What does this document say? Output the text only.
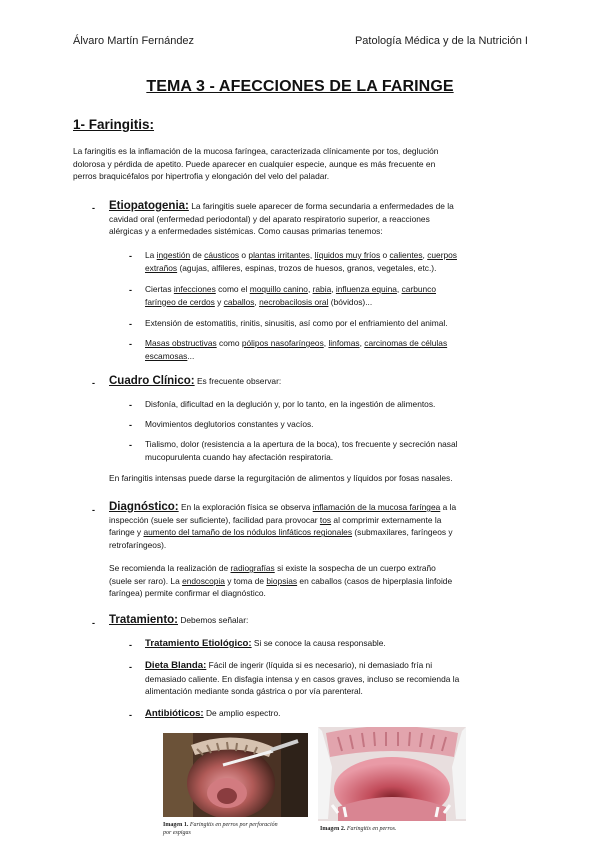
Álvaro Martín Fernández	Patología Médica y de la Nutrición I
TEMA 3 - AFECCIONES DE LA FARINGE
1- Faringitis:
La faringitis es la inflamación de la mucosa faríngea, caracterizada clínicamente por tos, deglución
dolorosa y pérdida de apetito. Puede aparecer en cualquier especie, aunque es más frecuente en
perros braquicéfalos por hipertrofia y elongación del velo del paladar.
- Etiopatogenia: La faringitis suele aparecer de forma secundaria a enfermedades de la
cavidad oral (enfermedad periodontal) y del aparato respiratorio superior, a reacciones
alérgicas y a enfermedades sistémicas. Como causas primarias tenemos:
- La ingestión de cáusticos o plantas irritantes, líquidos muy fríos o calientes, cuerpos
extraños (agujas, alfileres, espinas, trozos de huesos, granos, vegetales, etc.).
- Ciertas infecciones como el moquillo canino, rabia, influenza equina, carbunco
faríngeo de cerdos y caballos, necrobacilosis oral (bóvidos)...
- Extensión de estomatitis, rinitis, sinusitis, así como por el enfriamiento del animal.
- Masas obstructivas como pólipos nasofaríngeos, linfomas, carcinomas de células
escamosas...
- Cuadro Clínico: Es frecuente observar:
- Disfonía, dificultad en la deglución y, por lo tanto, en la ingestión de alimentos.
- Movimientos deglutorios constantes y vacíos.
- Tialismo, dolor (resistencia a la apertura de la boca), tos frecuente y secreción nasal
mucopurulenta cuando hay afectación respiratoria.
En faringitis intensas puede darse la regurgitación de alimentos y líquidos por fosas nasales.
- Diagnóstico: En la exploración física se observa inflamación de la mucosa faríngea a la
inspección (suele ser suficiente), facilidad para provocar tos al comprimir externamente la
faringe y aumento del tamaño de los nódulos linfáticos regionales (submaxilares, faríngeos y
retrofaríngeos).
Se recomienda la realización de radiografías si existe la sospecha de un cuerpo extraño
(suele ser raro). La endoscopia y toma de biopsias en caballos (casos de hiperplasia linfoide
faríngea) permite confirmar el diagnóstico.
- Tratamiento: Debemos señalar:
- Tratamiento Etiológico: Si se conoce la causa responsable.
- Dieta Blanda: Fácil de ingerir (líquida si es necesario), ni demasiado fría ni
demasiado caliente. En disfagia intensa y en casos graves, incluso se recomienda la
alimentación mediante sonda gástrica o por vía parenteral.
- Antibióticos: De amplio espectro.
Imagen 1. Faringitis en perros por perforación
por espigas
Imagen 2. Faringitis en perros.
